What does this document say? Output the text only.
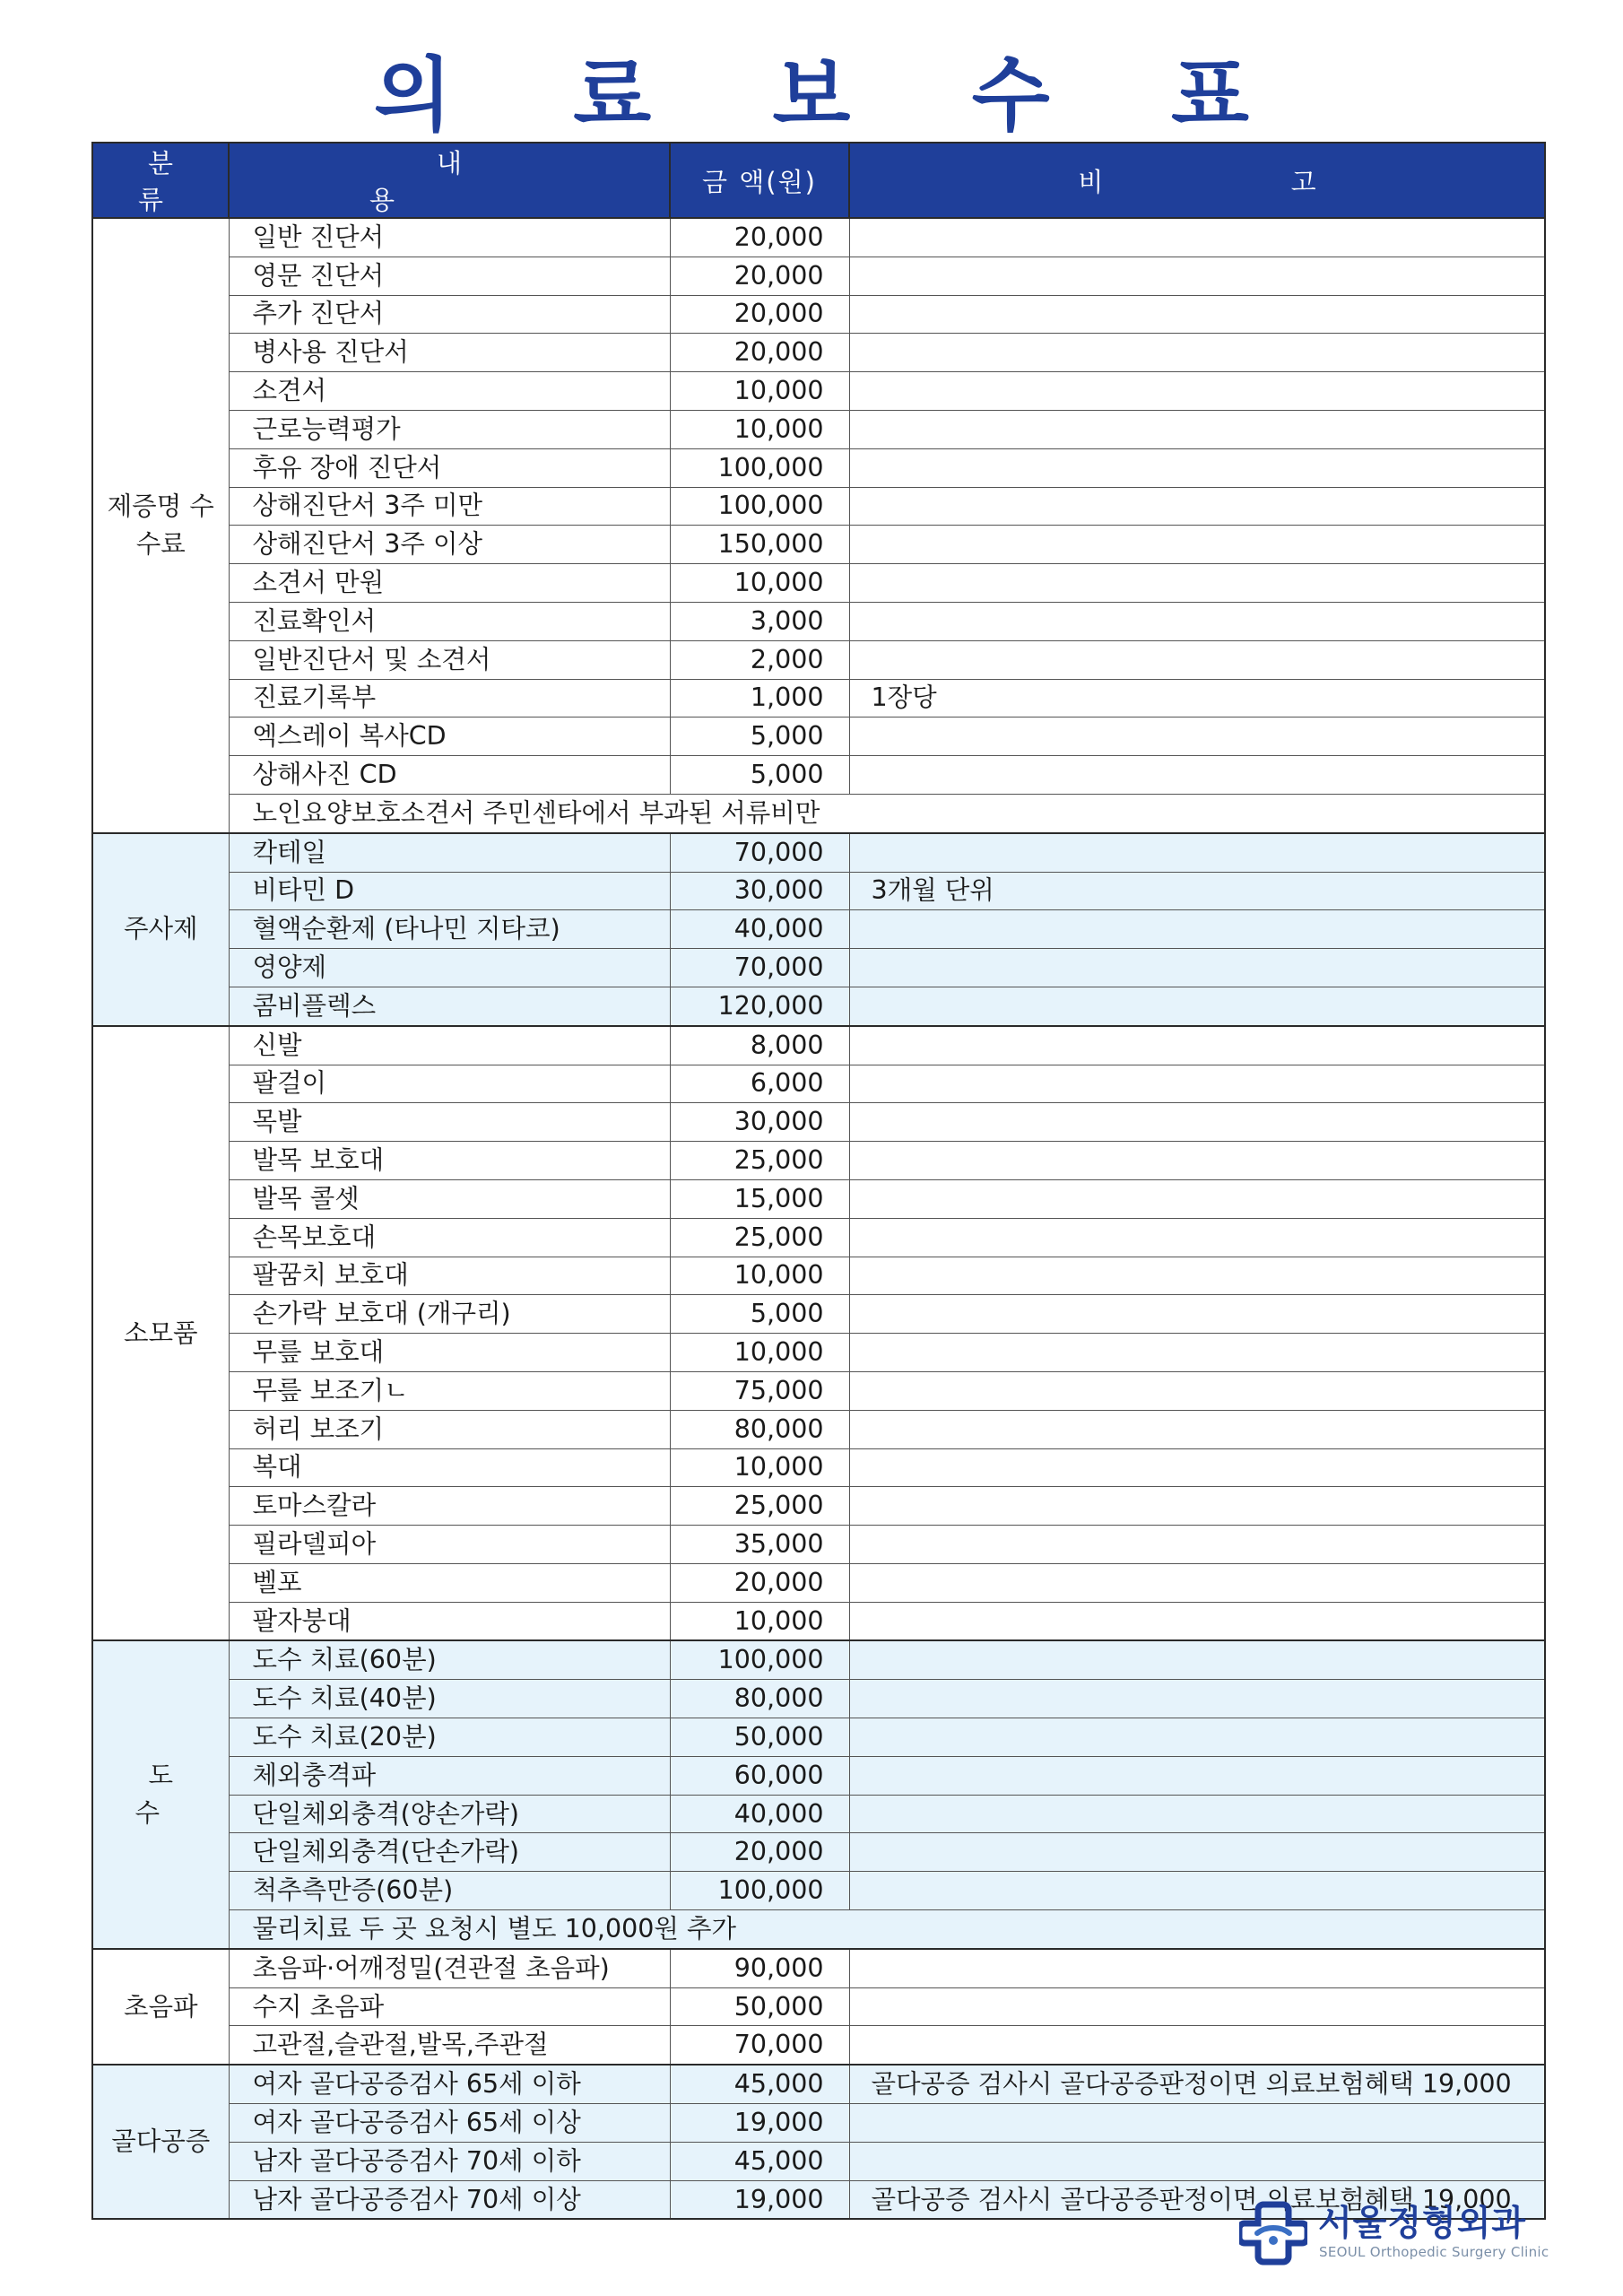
의 료 보 수 표
분 류	내 용	금 액(원)	비 고
제증명 수수료	일반 진단서	20,000	
	영문 진단서	20,000	
	추가 진단서	20,000	
	병사용 진단서	20,000	
	소견서	10,000	
	근로능력평가	10,000	
	후유 장애 진단서	100,000	
	상해진단서 3주 미만	100,000	
	상해진단서 3주 이상	150,000	
	소견서 만원	10,000	
	진료확인서	3,000	
	일반진단서 및 소견서	2,000	
	진료기록부	1,000	1장당
	엑스레이 복사CD	5,000	
	상해사진 CD	5,000	
	노인요양보호소견서 주민센타에서 부과된 서류비만		
주사제	칵테일	70,000	
	비타민 D	30,000	3개월 단위
	혈액순환제 (타나민 지타코)	40,000	
	영양제	70,000	
	콤비플렉스	120,000	
소모품	신발	8,000	
	팔걸이	6,000	
	목발	30,000	
	발목 보호대	25,000	
	발목 콜셋	15,000	
	손목보호대	25,000	
	팔꿈치 보호대	10,000	
	손가락 보호대 (개구리)	5,000	
	무릎 보호대	10,000	
	무릎 보조기ㄴ	75,000	
	허리 보조기	80,000	
	복대	10,000	
	토마스칼라	25,000	
	필라델피아	35,000	
	벨포	20,000	
	팔자붕대	10,000	
도 수	도수 치료(60분)	100,000	
	도수 치료(40분)	80,000	
	도수 치료(20분)	50,000	
	체외충격파	60,000	
	단일체외충격(양손가락)	40,000	
	단일체외충격(단손가락)	20,000	
	척추측만증(60분)	100,000	
	물리치료 두 곳 요청시 별도 10,000원 추가		
초음파	초음파·어깨정밀(견관절 초음파)	90,000	
	수지 초음파	50,000	
	고관절,슬관절,발목,주관절	70,000	
골다공증	여자 골다공증검사 65세 이하	45,000	골다공증 검사시 골다공증판정이면 의료보험혜택 19,000
	여자 골다공증검사 65세 이상	19,000	
	남자 골다공증검사 70세 이하	45,000	
	남자 골다공증검사 70세 이상	19,000	골다공증 검사시 골다공증판정이면 의료보험혜택 19,000
서울정형외과
SEOUL Orthopedic Surgery Clinic
